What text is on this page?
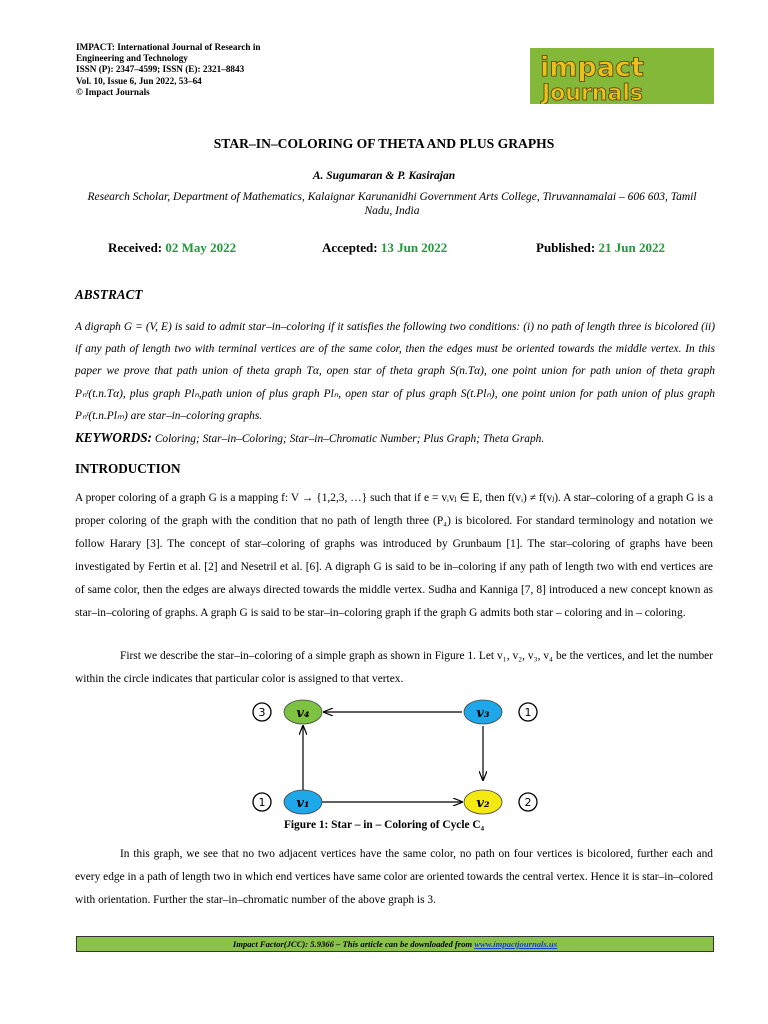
IMPACT: International Journal of Research in
Engineering and Technology
ISSN (P): 2347–4599; ISSN (E): 2321–8843
Vol. 10, Issue 6, Jun 2022, 53–64
© Impact Journals
impact
Journals
STAR–IN–COLORING OF THETA AND PLUS GRAPHS
A. Sugumaran & P. Kasirajan
Research Scholar, Department of Mathematics, Kalaignar Karunanidhi Government Arts College, Tiruvannamalai – 606 603, Tamil Nadu, India
Received: 02 May 2022	Accepted: 13 Jun 2022	Published: 21 Jun 2022
ABSTRACT
A digraph G = (V, E) is said to admit star–in–coloring if it satisfies the following two conditions: (i) no path of length three is bicolored (ii) if any path of length two with terminal vertices are of the same color, then the edges must be oriented towards the middle vertex. In this paper we prove that path union of theta graph Tα, open star of theta graph S(n.Tα), one point union for path union of theta graph Pₙᵗ(t.n.Tα), plus graph Plₙ,path union of plus graph Plₙ, open star of plus graph S(t.Plₙ), one point union for path union of plus graph Pₙᵗ(t.n.Plₘ) are star–in–coloring graphs.
KEYWORDS: Coloring; Star–in–Coloring; Star–in–Chromatic Number; Plus Graph; Theta Graph.
INTRODUCTION
A proper coloring of a graph G is a mapping f: V → {1,2,3, …} such that if e = vᵢvⱼ ∈ E, then f(vᵢ) ≠ f(vⱼ). A star–coloring of a graph G is a proper coloring of the graph with the condition that no path of length three (P₄) is bicolored. For standard terminology and notation we follow Harary [3]. The concept of star–coloring of graphs was introduced by Grunbaum [1]. The star–coloring of graphs have been investigated by Fertin et al. [2] and Nesetril et al. [6]. A digraph G is said to be in–coloring if any path of length two with end vertices are of same color, then the edges are always directed towards the middle vertex. Sudha and Kanniga [7, 8] introduced a new concept known as star–in–coloring of graphs. A graph G is said to be star–in–coloring graph if the graph G admits both star – coloring and in – coloring.
First we describe the star–in–coloring of a simple graph as shown in Figure 1. Let v₁, v₂, v₃, v₄ be the vertices, and let the number within the circle indicates that particular color is assigned to that vertex.
v₄
3	v₃	1
v₁
1	v₂	2
Figure 1: Star – in – Coloring of Cycle C₄
In this graph, we see that no two adjacent vertices have the same color, no path on four vertices is bicolored, further each and every edge in a path of length two in which end vertices have same color are oriented towards the central vertex. Hence it is star–in–colored with orientation. Further the star–in–chromatic number of the above graph is 3.
Impact Factor(JCC): 5.9366 – This article can be downloaded from www.impactjournals.us
